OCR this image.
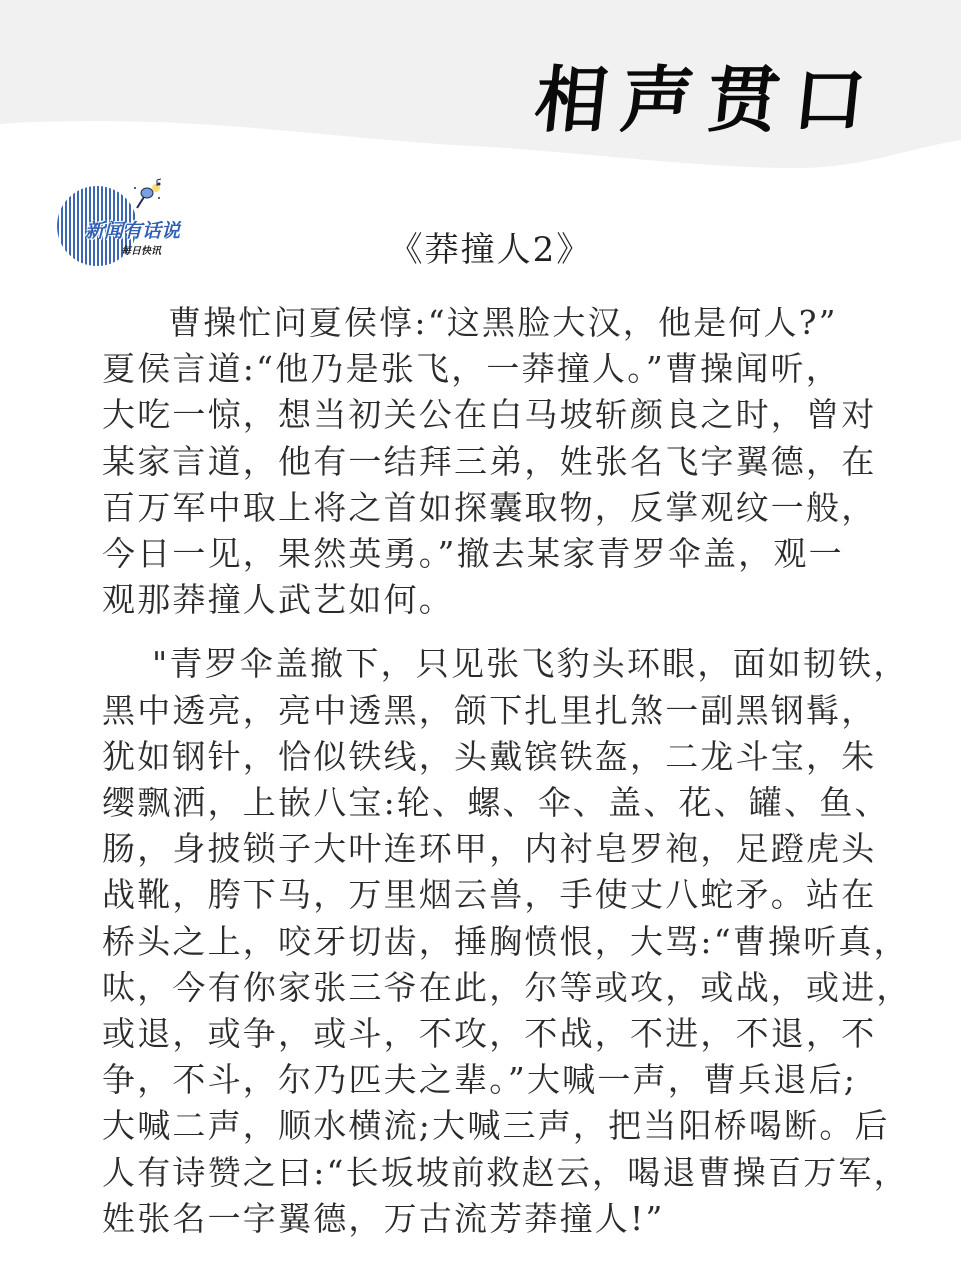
相声贯口
新闻有话说
每日快讯	《莽撞人2》

曹操忙问夏侯惇:“这黑脸大汉，他是何人?”
夏侯言道:“他乃是张飞，一莽撞人。”曹操闻听，
大吃一惊，想当初关公在白马坡斩颜良之时，曾对
某家言道，他有一结拜三弟，姓张名飞字翼德，在
百万军中取上将之首如探囊取物，反掌观纹一般，
今日一见，果然英勇。”撤去某家青罗伞盖，观一
观那莽撞人武艺如何。

"青罗伞盖撤下，只见张飞豹头环眼，面如韧铁，
黑中透亮，亮中透黑，颌下扎里扎煞一副黑钢髯，
犹如钢针，恰似铁线，头戴镔铁盔，二龙斗宝，朱
缨飘洒，上嵌八宝:轮、螺、伞、盖、花、罐、鱼、
肠，身披锁子大叶连环甲，内衬皂罗袍，足蹬虎头
战靴，胯下马，万里烟云兽，手使丈八蛇矛。站在
桥头之上，咬牙切齿，捶胸愤恨，大骂:“曹操听真，
呔，今有你家张三爷在此，尔等或攻，或战，或进，
或退，或争，或斗，不攻，不战，不进，不退，不
争，不斗，尔乃匹夫之辈。”大喊一声，曹兵退后;
大喊二声，顺水横流;大喊三声，把当阳桥喝断。后
人有诗赞之曰:“长坂坡前救赵云，喝退曹操百万军，
姓张名一字翼德，万古流芳莽撞人!”
